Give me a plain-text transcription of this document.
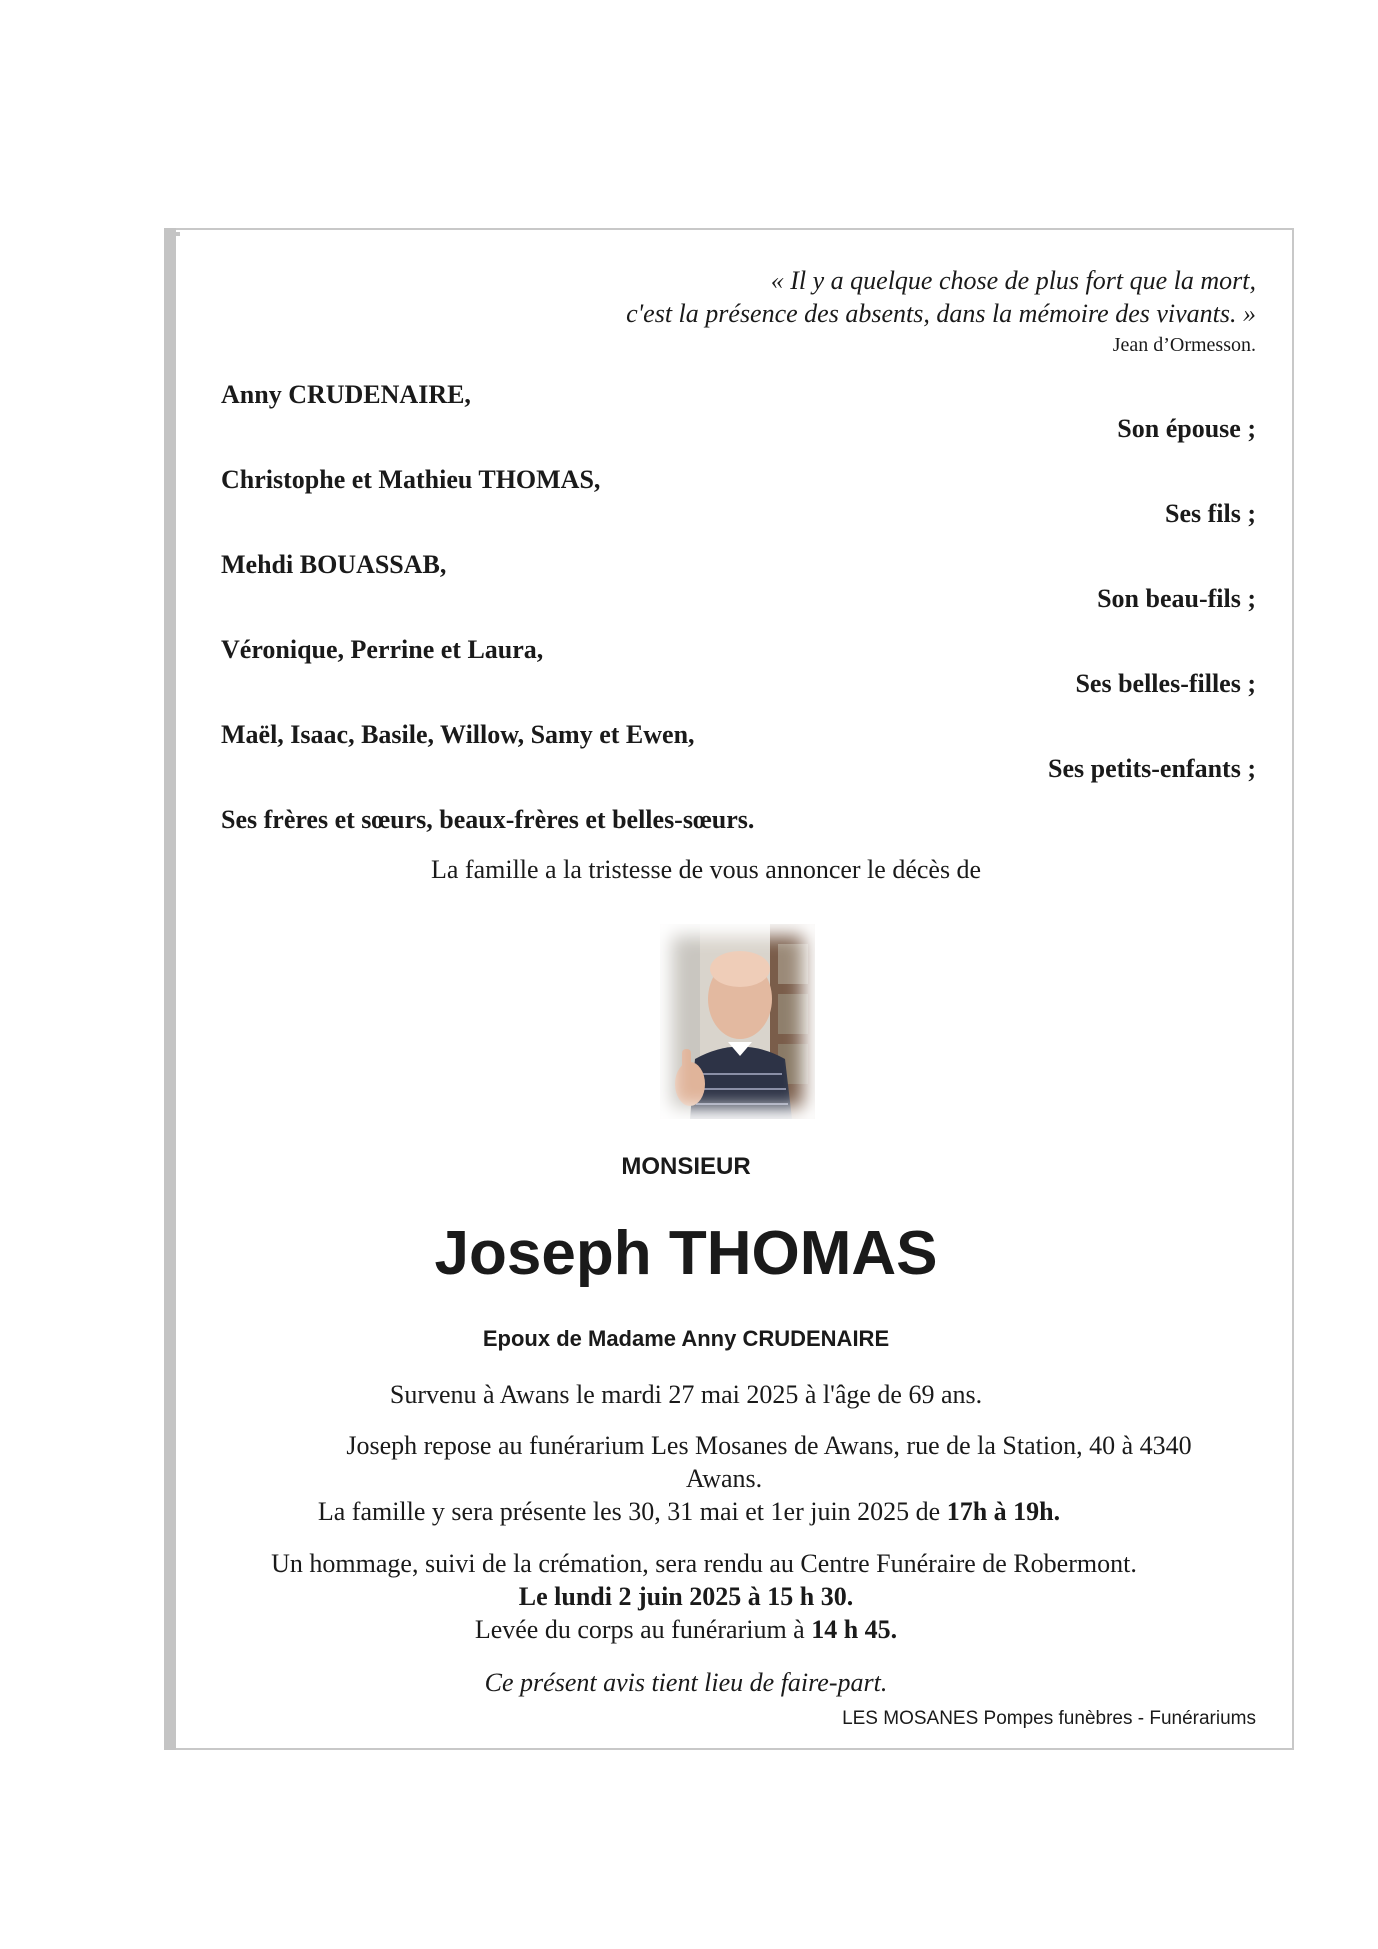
« Il y a quelque chose de plus fort que la mort,
c'est la présence des absents, dans la mémoire des vivants. »
Jean d’Ormesson.
Anny CRUDENAIRE,
Son épouse ;
Christophe et Mathieu THOMAS,
Ses fils ;
Mehdi BOUASSAB,
Son beau-fils ;
Véronique, Perrine et Laura,
Ses belles-filles ;
Maël, Isaac, Basile, Willow, Samy et Ewen,
Ses petits-enfants ;
Ses frères et sœurs, beaux-frères et belles-sœurs.
La famille a la tristesse de vous annoncer le décès de
MONSIEUR
Joseph THOMAS
Epoux de Madame Anny CRUDENAIRE
Survenu à Awans le mardi 27 mai 2025 à l'âge de 69 ans.
Joseph repose au funérarium Les Mosanes de Awans, rue de la Station, 40 à 4340
Awans.
La famille y sera présente les 30, 31 mai et 1er juin 2025 de 17h à 19h.
Un hommage, suivi de la crémation, sera rendu au Centre Funéraire de Robermont.
Le lundi 2 juin 2025 à 15 h 30.
Levée du corps au funérarium à 14 h 45.
Ce présent avis tient lieu de faire-part.
LES MOSANES Pompes funèbres - Funérariums
